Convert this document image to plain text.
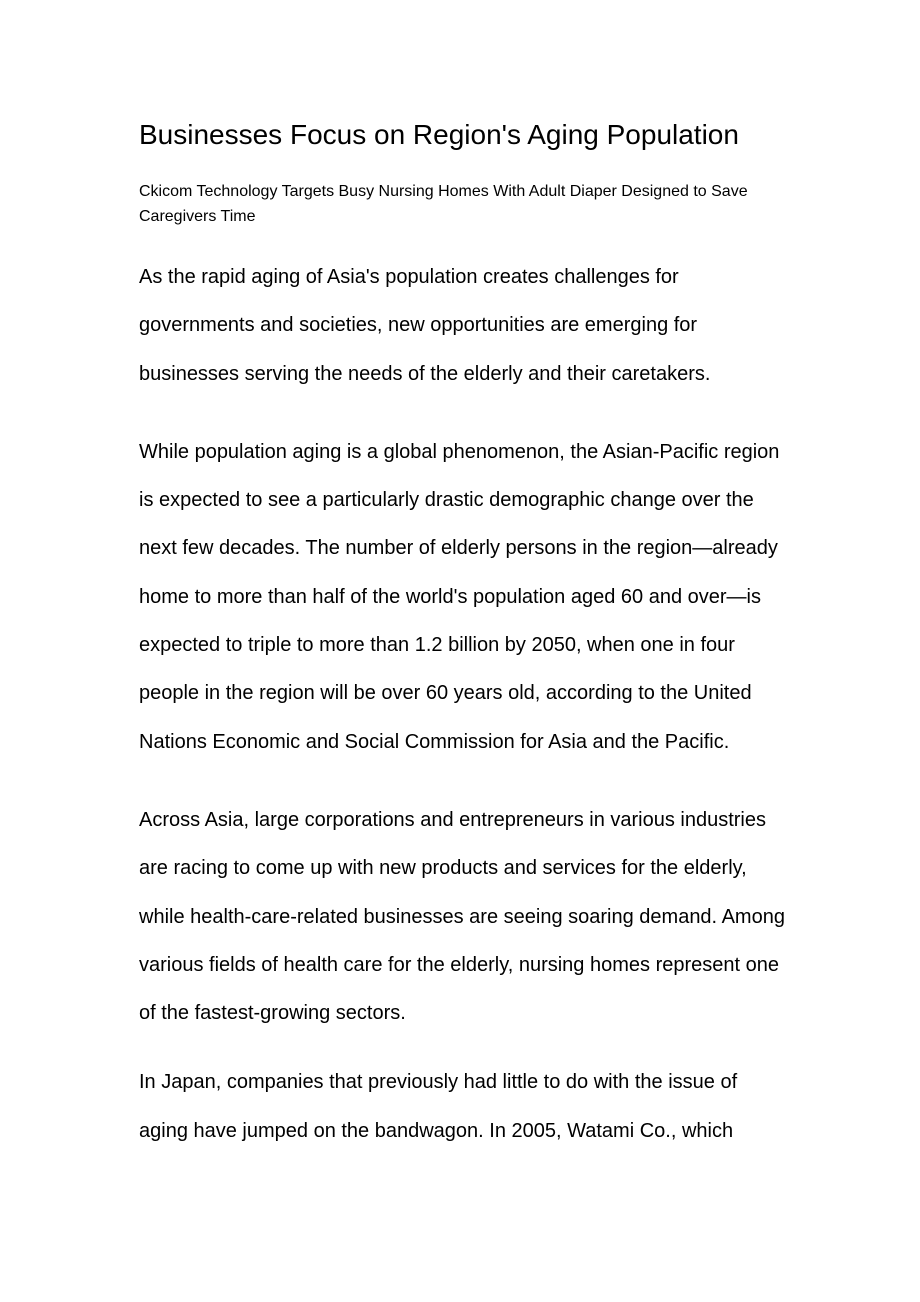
Businesses Focus on Region's Aging Population

Ckicom Technology Targets Busy Nursing Homes With Adult Diaper Designed to Save Caregivers Time

As the rapid aging of Asia's population creates challenges for governments and societies, new opportunities are emerging for businesses serving the needs of the elderly and their caretakers.

While population aging is a global phenomenon, the Asian-Pacific region is expected to see a particularly drastic demographic change over the next few decades. The number of elderly persons in the region—already home to more than half of the world's population aged 60 and over—is expected to triple to more than 1.2 billion by 2050, when one in four people in the region will be over 60 years old, according to the United Nations Economic and Social Commission for Asia and the Pacific.

Across Asia, large corporations and entrepreneurs in various industries are racing to come up with new products and services for the elderly, while health-care-related businesses are seeing soaring demand. Among various fields of health care for the elderly, nursing homes represent one of the fastest-growing sectors.

In Japan, companies that previously had little to do with the issue of aging have jumped on the bandwagon. In 2005, Watami Co., which
